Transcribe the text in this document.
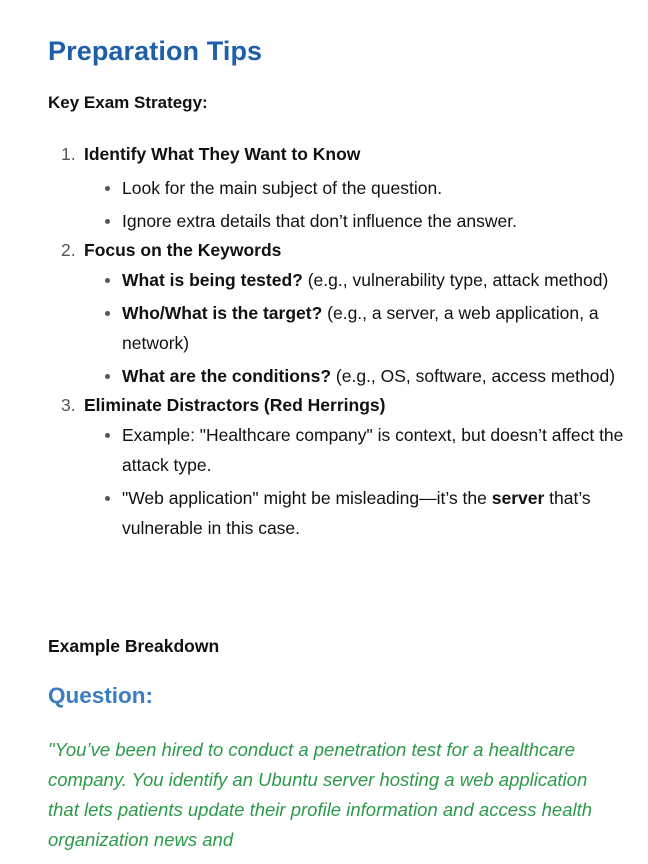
Preparation Tips
Key Exam Strategy:
1. Identify What They Want to Know
Look for the main subject of the question.
Ignore extra details that don’t influence the answer.
2. Focus on the Keywords
What is being tested? (e.g., vulnerability type, attack method)
Who/What is the target? (e.g., a server, a web application, a network)
What are the conditions? (e.g., OS, software, access method)
3. Eliminate Distractors (Red Herrings)
Example: "Healthcare company" is context, but doesn’t affect the attack type.
"Web application" might be misleading—it’s the server that’s vulnerable in this case.
Example Breakdown
Question:
"You’ve been hired to conduct a penetration test for a healthcare company. You identify an Ubuntu server hosting a web application that lets patients update their profile information and access health organization news and
